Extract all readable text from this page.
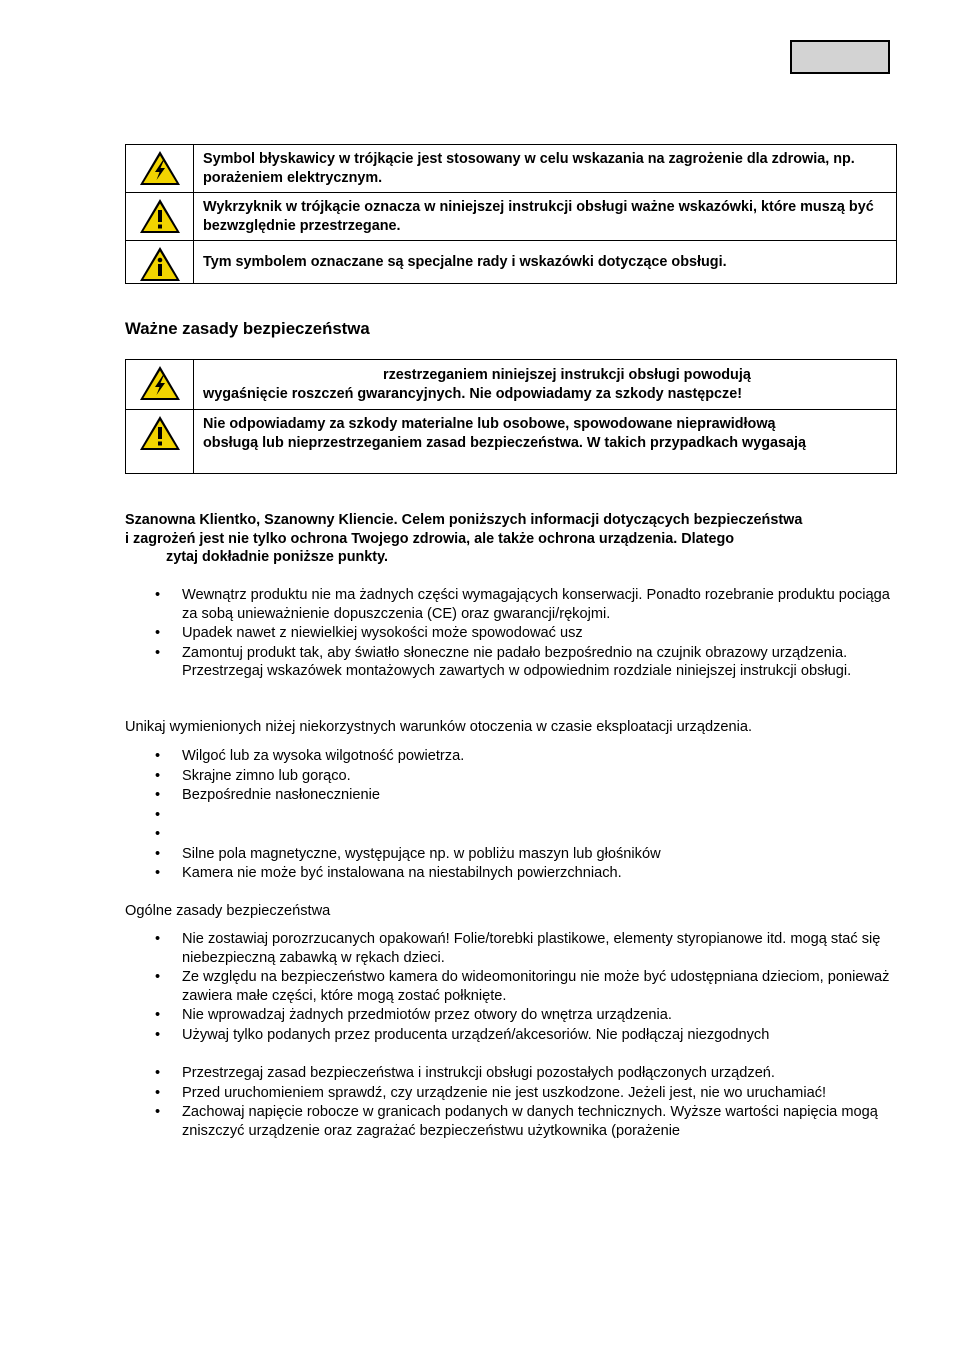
	Symbol błyskawicy w trójkącie jest stosowany w celu wskazania na zagrożenie dla zdrowia, np. porażeniem elektrycznym.

	Wykrzyknik w trójkącie oznacza w niniejszej instrukcji obsługi ważne wskazówki, które muszą być bezwzględnie przestrzegane.

	Tym symbolem oznaczane są specjalne rady i wskazówki dotyczące obsługi.
Ważne zasady bezpieczeństwa

rzestrzeganiem niniejszej instrukcji obsługi powodują
wygaśnięcie roszczeń gwarancyjnych. Nie odpowiadamy za szkody następcze!

Nie odpowiadamy za szkody materialne lub osobowe, spowodowane nieprawidłową
obsługą lub nieprzestrzeganiem zasad bezpieczeństwa. W takich przypadkach wygasają
Szanowna Klientko, Szanowny Kliencie. Celem poniższych informacji dotyczących bezpieczeństwa
i zagrożeń jest nie tylko ochrona Twojego zdrowia, ale także ochrona urządzenia. Dlatego
zytaj dokładnie poniższe punkty.
• Wewnątrz produktu nie ma żadnych części wymagających konserwacji. Ponadto rozebranie produktu pociąga za sobą unieważnienie dopuszczenia (CE) oraz gwarancji/rękojmi.
• Upadek nawet z niewielkiej wysokości może spowodować usz
• Zamontuj produkt tak, aby światło słoneczne nie padało bezpośrednio na czujnik obrazowy urządzenia. Przestrzegaj wskazówek montażowych zawartych w odpowiednim rozdziale niniejszej instrukcji obsługi.
Unikaj wymienionych niżej niekorzystnych warunków otoczenia w czasie eksploatacji urządzenia.
• Wilgoć lub za wysoka wilgotność powietrza.
• Skrajne zimno lub gorąco.
• Bezpośrednie nasłonecznienie
•
•
• Silne pola magnetyczne, występujące np. w pobliżu maszyn lub głośników
• Kamera nie może być instalowana na niestabilnych powierzchniach.
Ogólne zasady bezpieczeństwa
• Nie zostawiaj porozrzucanych opakowań! Folie/torebki plastikowe, elementy styropianowe itd. mogą stać się niebezpieczną zabawką w rękach dzieci.
• Ze względu na bezpieczeństwo kamera do wideomonitoringu nie może być udostępniana dzieciom, ponieważ zawiera małe części, które mogą zostać połknięte.
• Nie wprowadzaj żadnych przedmiotów przez otwory do wnętrza urządzenia.
• Używaj tylko podanych przez producenta urządzeń/akcesoriów. Nie podłączaj niezgodnych
• Przestrzegaj zasad bezpieczeństwa i instrukcji obsługi pozostałych podłączonych urządzeń.
• Przed uruchomieniem sprawdź, czy urządzenie nie jest uszkodzone. Jeżeli jest, nie wo uruchamiać!
• Zachowaj napięcie robocze w granicach podanych w danych technicznych. Wyższe wartości napięcia mogą zniszczyć urządzenie oraz zagrażać bezpieczeństwu użytkownika (porażenie
